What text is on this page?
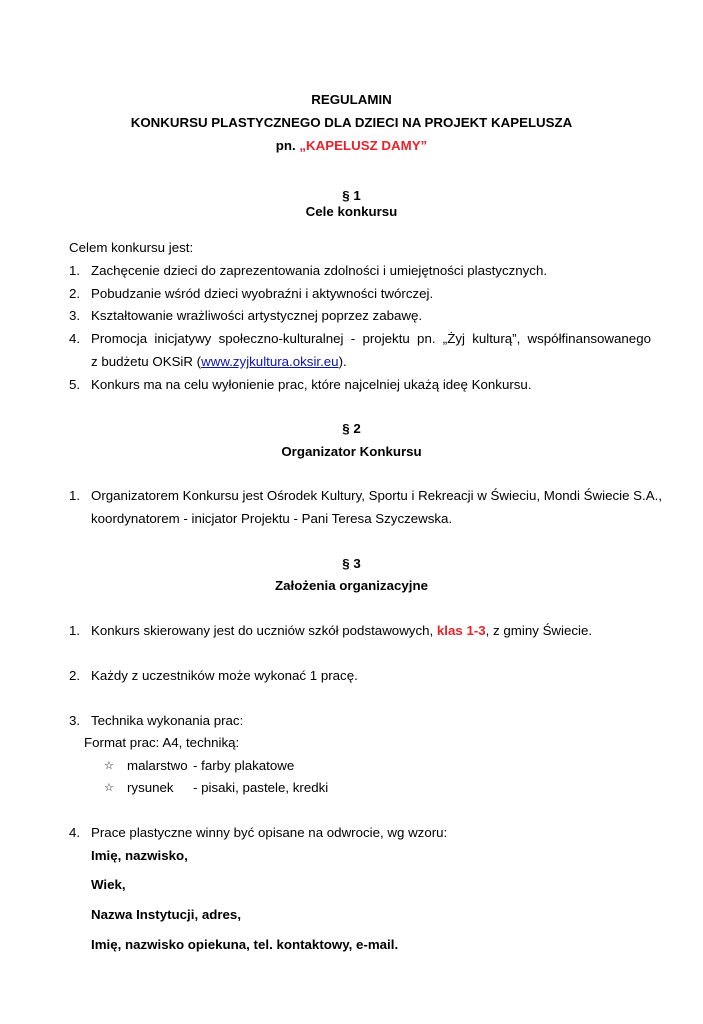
REGULAMIN
KONKURSU PLASTYCZNEGO DLA DZIECI NA PROJEKT KAPELUSZA
pn. „KAPELUSZ DAMY”
§ 1
Cele konkursu
Celem konkursu jest:
1. Zachęcenie dzieci do zaprezentowania zdolności i umiejętności plastycznych.
2. Pobudzanie wśród dzieci wyobraźni i aktywności twórczej.
3. Kształtowanie wrażliwości artystycznej poprzez zabawę.
4. Promocja inicjatywy społeczno-kulturalnej - projektu pn. „Żyj kulturą”, współfinansowanego
z budżetu OKSiR (www.zyjkultura.oksir.eu).
5. Konkurs ma na celu wyłonienie prac, które najcelniej ukażą ideę Konkursu.
§ 2
Organizator Konkursu
1. Organizatorem Konkursu jest Ośrodek Kultury, Sportu i Rekreacji w Świeciu, Mondi Świecie S.A.,
koordynatorem - inicjator Projektu - Pani Teresa Szyczewska.
§ 3
Założenia organizacyjne
1. Konkurs skierowany jest do uczniów szkół podstawowych, klas 1-3, z gminy Świecie.
2. Każdy z uczestników może wykonać 1 pracę.
3. Technika wykonania prac:
Format prac: A4, techniką:
☆ malarstwo - farby plakatowe
☆ rysunek - pisaki, pastele, kredki
4. Prace plastyczne winny być opisane na odwrocie, wg wzoru:
Imię, nazwisko,
Wiek,
Nazwa Instytucji, adres,
Imię, nazwisko opiekuna, tel. kontaktowy, e-mail.
